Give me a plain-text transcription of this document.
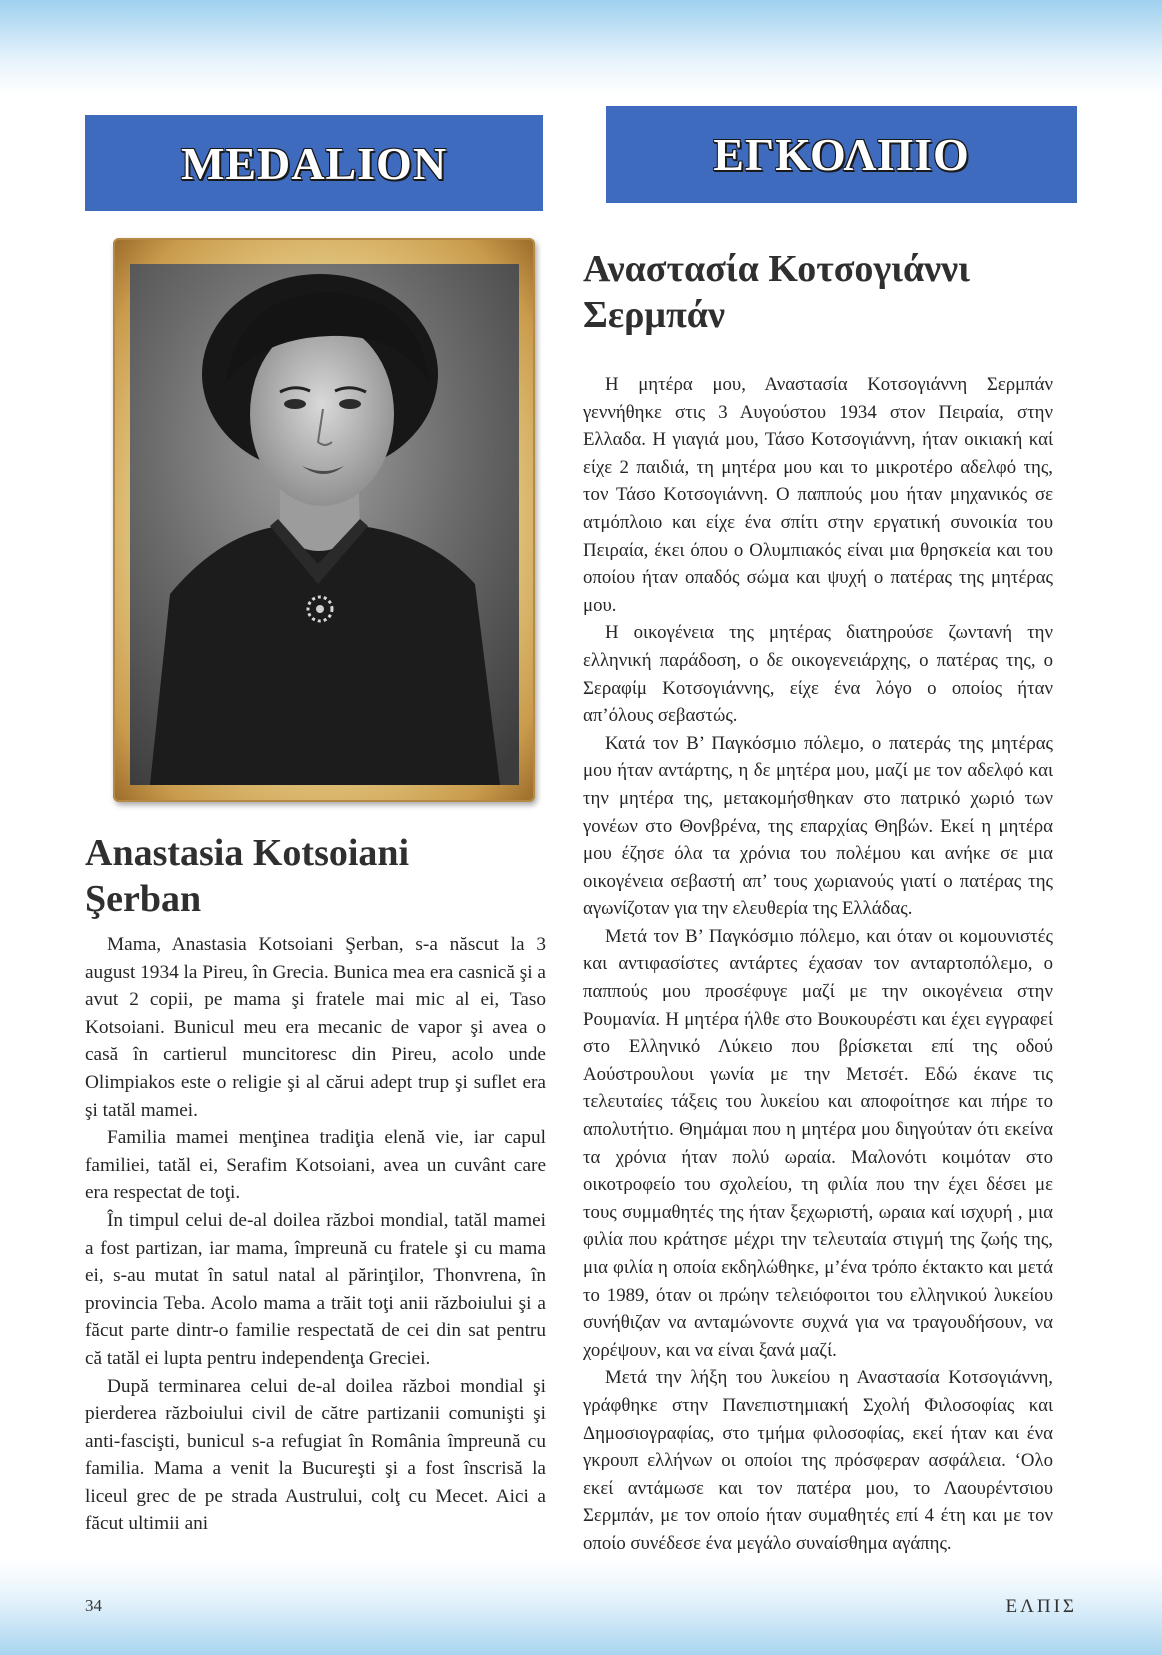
MEDALION	ΕΓΚΟΛΠΙΟ
Anastasia Kotsoiani
Şerban

Mama, Anastasia Kotsoiani Şerban, s-a născut la 3 august 1934 la Pireu, în Grecia. Bunica mea era casnică şi a avut 2 copii, pe mama şi fratele mai mic al ei, Taso Kotsoiani. Bunicul meu era mecanic de vapor şi avea o casă în cartierul muncitoresc din Pireu, acolo unde Olimpiakos este o religie şi al cărui adept trup şi suflet era şi tatăl mamei.

Familia mamei menţinea tradiţia elenă vie, iar capul familiei, tatăl ei, Serafim Kotsoiani, avea un cuvânt care era respectat de toţi.

În timpul celui de-al doilea război mondial, tatăl mamei a fost partizan, iar mama, împreună cu fratele şi cu mama ei, s-au mutat în satul natal al părinţilor, Thonvrena, în provincia Teba. Acolo mama a trăit toţi anii războiului şi a făcut parte dintr-o familie respectată de cei din sat pentru că tatăl ei lupta pentru independenţa Greciei.

După terminarea celui de-al doilea război mondial şi pierderea războiului civil de către partizanii comunişti şi anti-fascişti, bunicul s-a refugiat în România împreună cu familia. Mama a venit la Bucureşti şi a fost înscrisă la liceul grec de pe strada Austrului, colţ cu Mecet. Aici a făcut ultimii ani

Αναστασία Κοτσογιάννι
Σερμπάν

Η μητέρα μου, Αναστασία Κοτσογιάννη Σερμπάν γεννήθηκε στις 3 Αυγούστου 1934 στον Πειραία, στην Ελλαδα. Η γιαγιά μου, Τάσο Κοτσογιάννη, ήταν οικιακή καί είχε 2 παιδιά, τη μητέρα μου και το μικροτέρο αδελφό της, τον Τάσο Κοτσογιάννη. Ο παππούς μου ήταν μηχανικός σε ατμόπλοιο και είχε ένα σπίτι στην εργατική συνοικία του Πειραία, έκει όπου ο Ολυμπιακός είναι μια θρησκεία και του οποίου ήταν οπαδός σώμα και ψυχή ο πατέρας της μητέρας μου.

Η οικογένεια της μητέρας διατηρούσε ζωντανή την ελληνική παράδοση, ο δε οικογενειάρχης, ο πατέρας της, ο Σεραφίμ Κοτσογιάννης, είχε ένα λόγο ο οποίος ήταν απ’όλους σεβαστώς.

Κατά τον Β’ Παγκόσμιο πόλεμο, ο πατεράς της μητέρας μου ήταν αντάρτης, η δε μητέρα μου, μαζί με τον αδελφό και την μητέρα της, μετακομήσθηκαν στο πατρικό χωριό των γονέων στο Θονβρένα, της επαρχίας Θηβών. Εκεί η μητέρα μου έζησε όλα τα χρόνια του πολέμου και ανήκε σε μια οικογένεια σεβαστή απ’ τους χωριανούς γιατί ο πατέρας της αγωνίζοταν για την ελευθερία της Ελλάδας.

Μετά τον Β’ Παγκόσμιο πόλεμο, και όταν οι κομουνιστές και αντιφασίστες αντάρτες έχασαν τον ανταρτοπόλεμο, ο παππούς μου προσέφυγε μαζί με την οικογένεια στην Ρουμανία. Η μητέρα ήλθε στο Βουκουρέστι και έχει εγγραφεί στο Ελληνικό Λύκειο που βρίσκεται επί της οδού Αούστρουλουι γωνία με την Μετσέτ. Εδώ έκανε τις τελευταίες τάξεις του λυκείου και αποφοίτησε και πήρε το απολυτήτιο. Θημάμαι που η μητέρα μου διηγούταν ότι εκείνα τα χρόνια ήταν πολύ ωραία. Μαλονότι κοιμόταν στο οικοτροφείο του σχολείου, τη φιλία που την έχει δέσει με τους συμμαθητές της ήταν ξεχωριστή, ωραια καί ισχυρή , μια φιλία που κράτησε μέχρι την τελευταία στιγμή της ζωής της, μια φιλία η οποία εκδηλώθηκε, μ’ένα τρόπο έκτακτο και μετά το 1989, όταν οι πρώην τελειόφοιτοι του ελληνικού λυκείου συνήθιζαν να ανταμώνοντε συχνά για να τραγουδήσουν, να χορέψουν, και να είναι ξανά μαζί.

Μετά την λήξη του λυκείου η Αναστασία Κοτσογιάννη, γράφθηκε στην Πανεπιστημιακή Σχολή Φιλοσοφίας και Δημοσιογραφίας, στο τμήμα φιλοσοφίας, εκεί ήταν και ένα γκρουπ ελλήνων οι οποίοι της πρόσφεραν ασφάλεια. ‘Ολο εκεί αντάμωσε και τον πατέρα μου, το Λαουρέντσιου Σερμπάν, με τον οποίο ήταν συμαθητές επί 4 έτη και με τον οποίο συνέδεσε ένα μεγάλο συναίσθημα αγάπης.

34	ΕΛΠΙΣ
